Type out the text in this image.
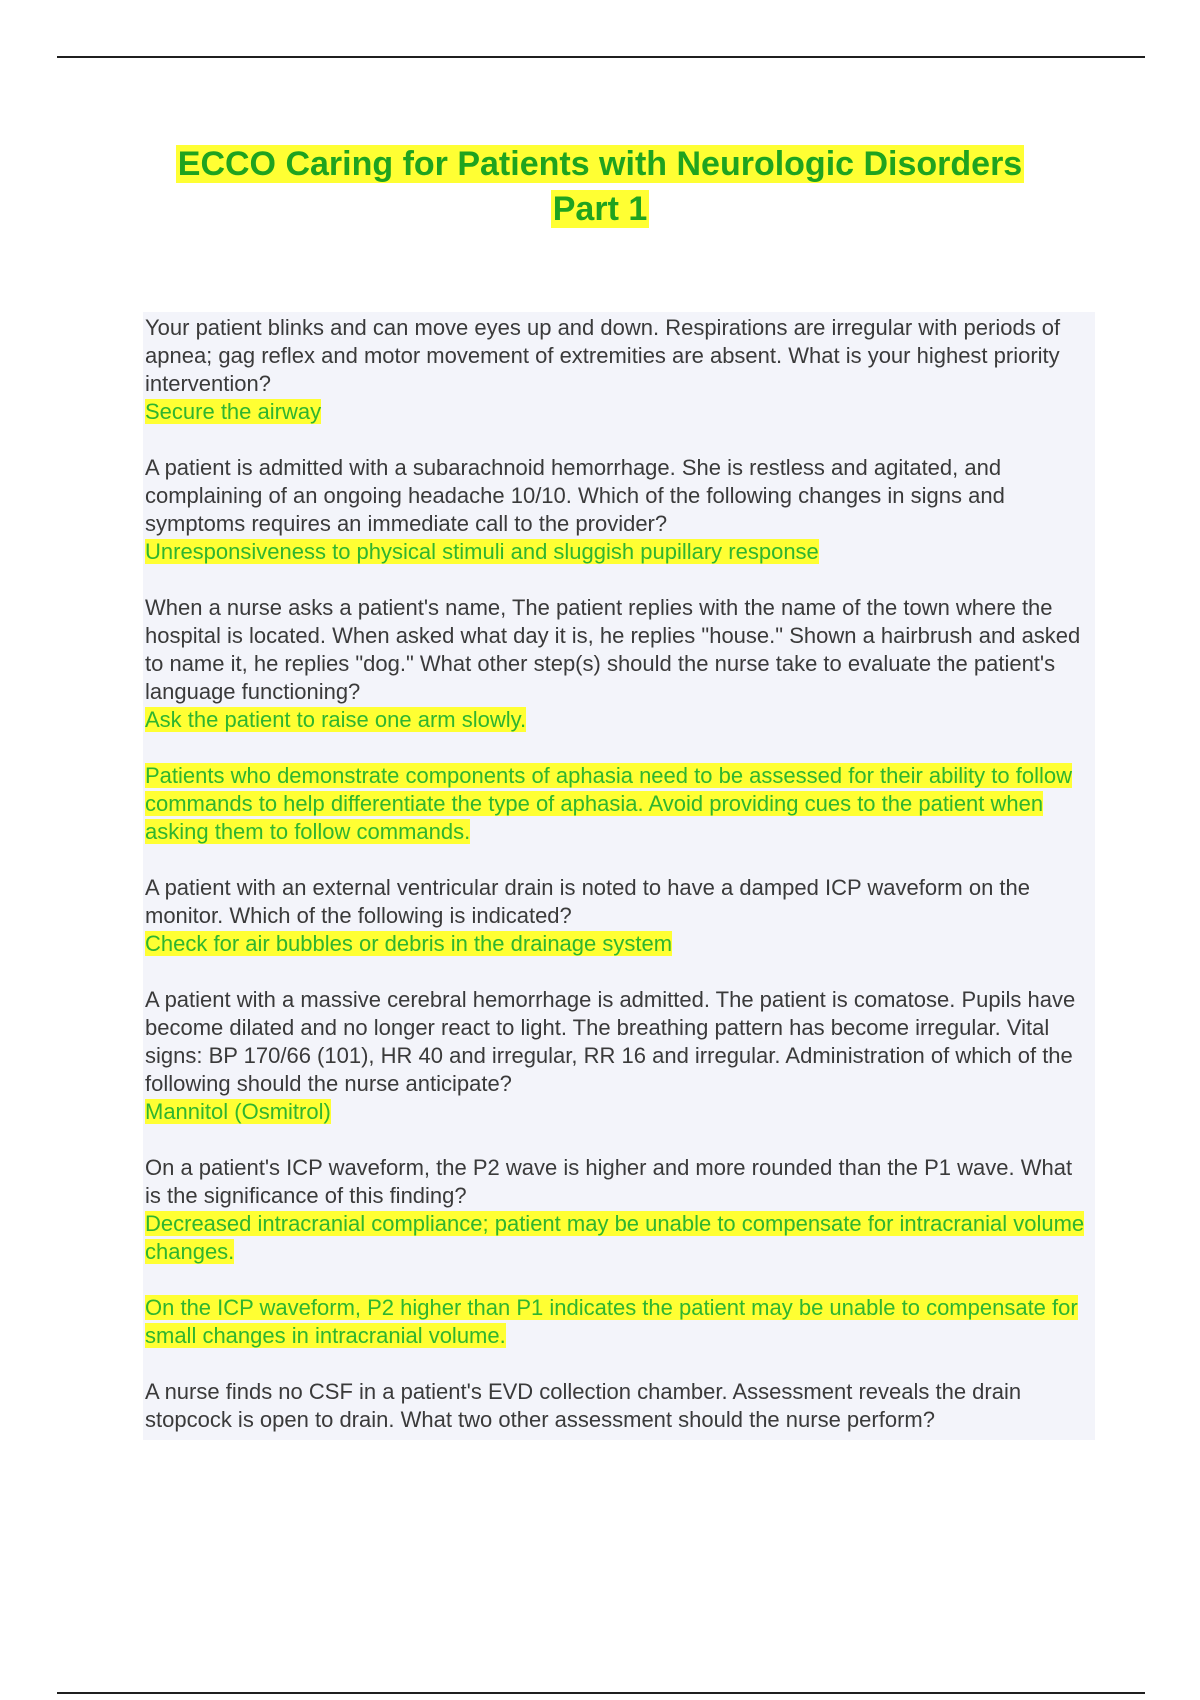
ECCO Caring for Patients with Neurologic Disorders
Part 1
Your patient blinks and can move eyes up and down. Respirations are irregular with periods of apnea; gag reflex and motor movement of extremities are absent. What is your highest priority intervention?
Secure the airway
A patient is admitted with a subarachnoid hemorrhage. She is restless and agitated, and complaining of an ongoing headache 10/10. Which of the following changes in signs and symptoms requires an immediate call to the provider?
Unresponsiveness to physical stimuli and sluggish pupillary response
When a nurse asks a patient's name, The patient replies with the name of the town where the hospital is located. When asked what day it is, he replies "house." Shown a hairbrush and asked to name it, he replies "dog." What other step(s) should the nurse take to evaluate the patient's language functioning?
Ask the patient to raise one arm slowly.
Patients who demonstrate components of aphasia need to be assessed for their ability to follow commands to help differentiate the type of aphasia. Avoid providing cues to the patient when asking them to follow commands.
A patient with an external ventricular drain is noted to have a damped ICP waveform on the monitor. Which of the following is indicated?
Check for air bubbles or debris in the drainage system
A patient with a massive cerebral hemorrhage is admitted. The patient is comatose. Pupils have become dilated and no longer react to light. The breathing pattern has become irregular. Vital signs: BP 170/66 (101), HR 40 and irregular, RR 16 and irregular. Administration of which of the following should the nurse anticipate?
Mannitol (Osmitrol)
On a patient's ICP waveform, the P2 wave is higher and more rounded than the P1 wave. What is the significance of this finding?
Decreased intracranial compliance; patient may be unable to compensate for intracranial volume changes.
On the ICP waveform, P2 higher than P1 indicates the patient may be unable to compensate for small changes in intracranial volume.
A nurse finds no CSF in a patient's EVD collection chamber. Assessment reveals the drain stopcock is open to drain. What two other assessment should the nurse perform?
